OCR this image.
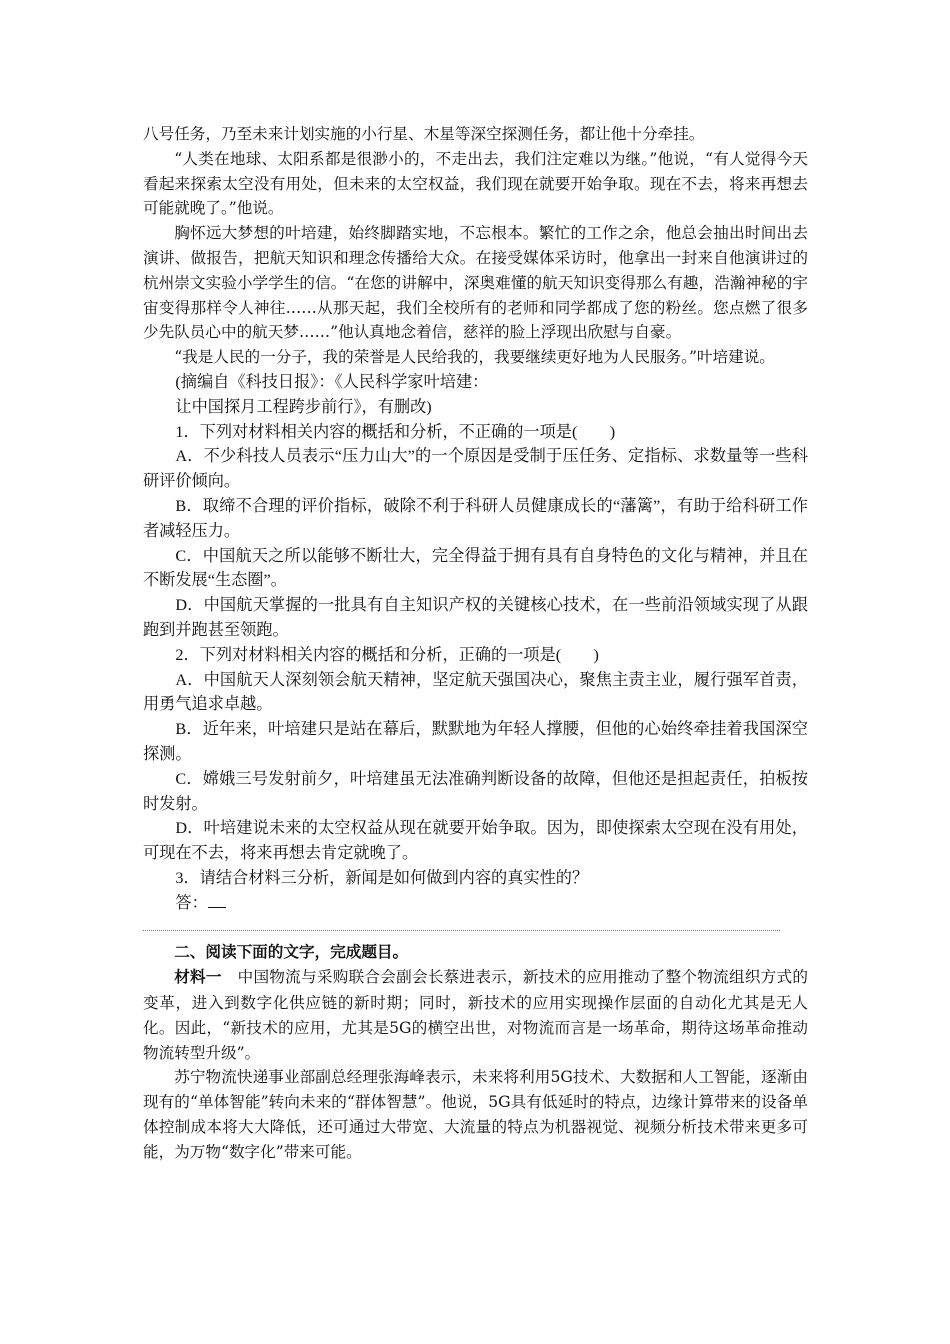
八号任务，乃至未来计划实施的小行星、木星等深空探测任务，都让他十分牵挂。

“人类在地球、太阳系都是很渺小的，不走出去，我们注定难以为继。”他说，“有人觉得今天看起来探索太空没有用处，但未来的太空权益，我们现在就要开始争取。现在不去，将来再想去可能就晚了。”他说。

胸怀远大梦想的叶培建，始终脚踏实地，不忘根本。繁忙的工作之余，他总会抽出时间出去演讲、做报告，把航天知识和理念传播给大众。在接受媒体采访时，他拿出一封来自他演讲过的杭州崇文实验小学学生的信。“在您的讲解中，深奥难懂的航天知识变得那么有趣，浩瀚神秘的宇宙变得那样令人神往……从那天起，我们全校所有的老师和同学都成了您的粉丝。您点燃了很多少先队员心中的航天梦……”他认真地念着信，慈祥的脸上浮现出欣慰与自豪。

“我是人民的一分子，我的荣誉是人民给我的，我要继续更好地为人民服务。”叶培建说。

(摘编自《科技日报》：《人民科学家叶培建：

让中国探月工程跨步前行》，有删改)

1．下列对材料相关内容的概括和分析，不正确的一项是(　　)

A．不少科技人员表示“压力山大”的一个原因是受制于压任务、定指标、求数量等一些科研评价倾向。

B．取缔不合理的评价指标，破除不利于科研人员健康成长的“藩篱”，有助于给科研工作者减轻压力。

C．中国航天之所以能够不断壮大，完全得益于拥有具有自身特色的文化与精神，并且在不断发展“生态圈”。

D．中国航天掌握的一批具有自主知识产权的关键核心技术，在一些前沿领域实现了从跟跑到并跑甚至领跑。

2．下列对材料相关内容的概括和分析，正确的一项是(　　)

A．中国航天人深刻领会航天精神，坚定航天强国决心，聚焦主责主业，履行强军首责，用勇气追求卓越。

B．近年来，叶培建只是站在幕后，默默地为年轻人撑腰，但他的心始终牵挂着我国深空探测。

C．嫦娥三号发射前夕，叶培建虽无法准确判断设备的故障，但他还是担起责任，拍板按时发射。

D．叶培建说未来的太空权益从现在就要开始争取。因为，即使探索太空现在没有用处，可现在不去，将来再想去肯定就晚了。

3．请结合材料三分析，新闻是如何做到内容的真实性的？

答：

二、阅读下面的文字，完成题目。

材料一　 中国物流与采购联合会副会长蔡进表示，新技术的应用推动了整个物流组织方式的变革，进入到数字化供应链的新时期；同时，新技术的应用实现操作层面的自动化尤其是无人化。因此，“新技术的应用，尤其是5G的横空出世，对物流而言是一场革命，期待这场革命推动物流转型升级”。

苏宁物流快递事业部副总经理张海峰表示，未来将利用5G技术、大数据和人工智能，逐渐由现有的“单体智能”转向未来的“群体智慧”。他说，5G具有低延时的特点，边缘计算带来的设备单体控制成本将大大降低，还可通过大带宽、大流量的特点为机器视觉、视频分析技术带来更多可能，为万物“数字化”带来可能。
